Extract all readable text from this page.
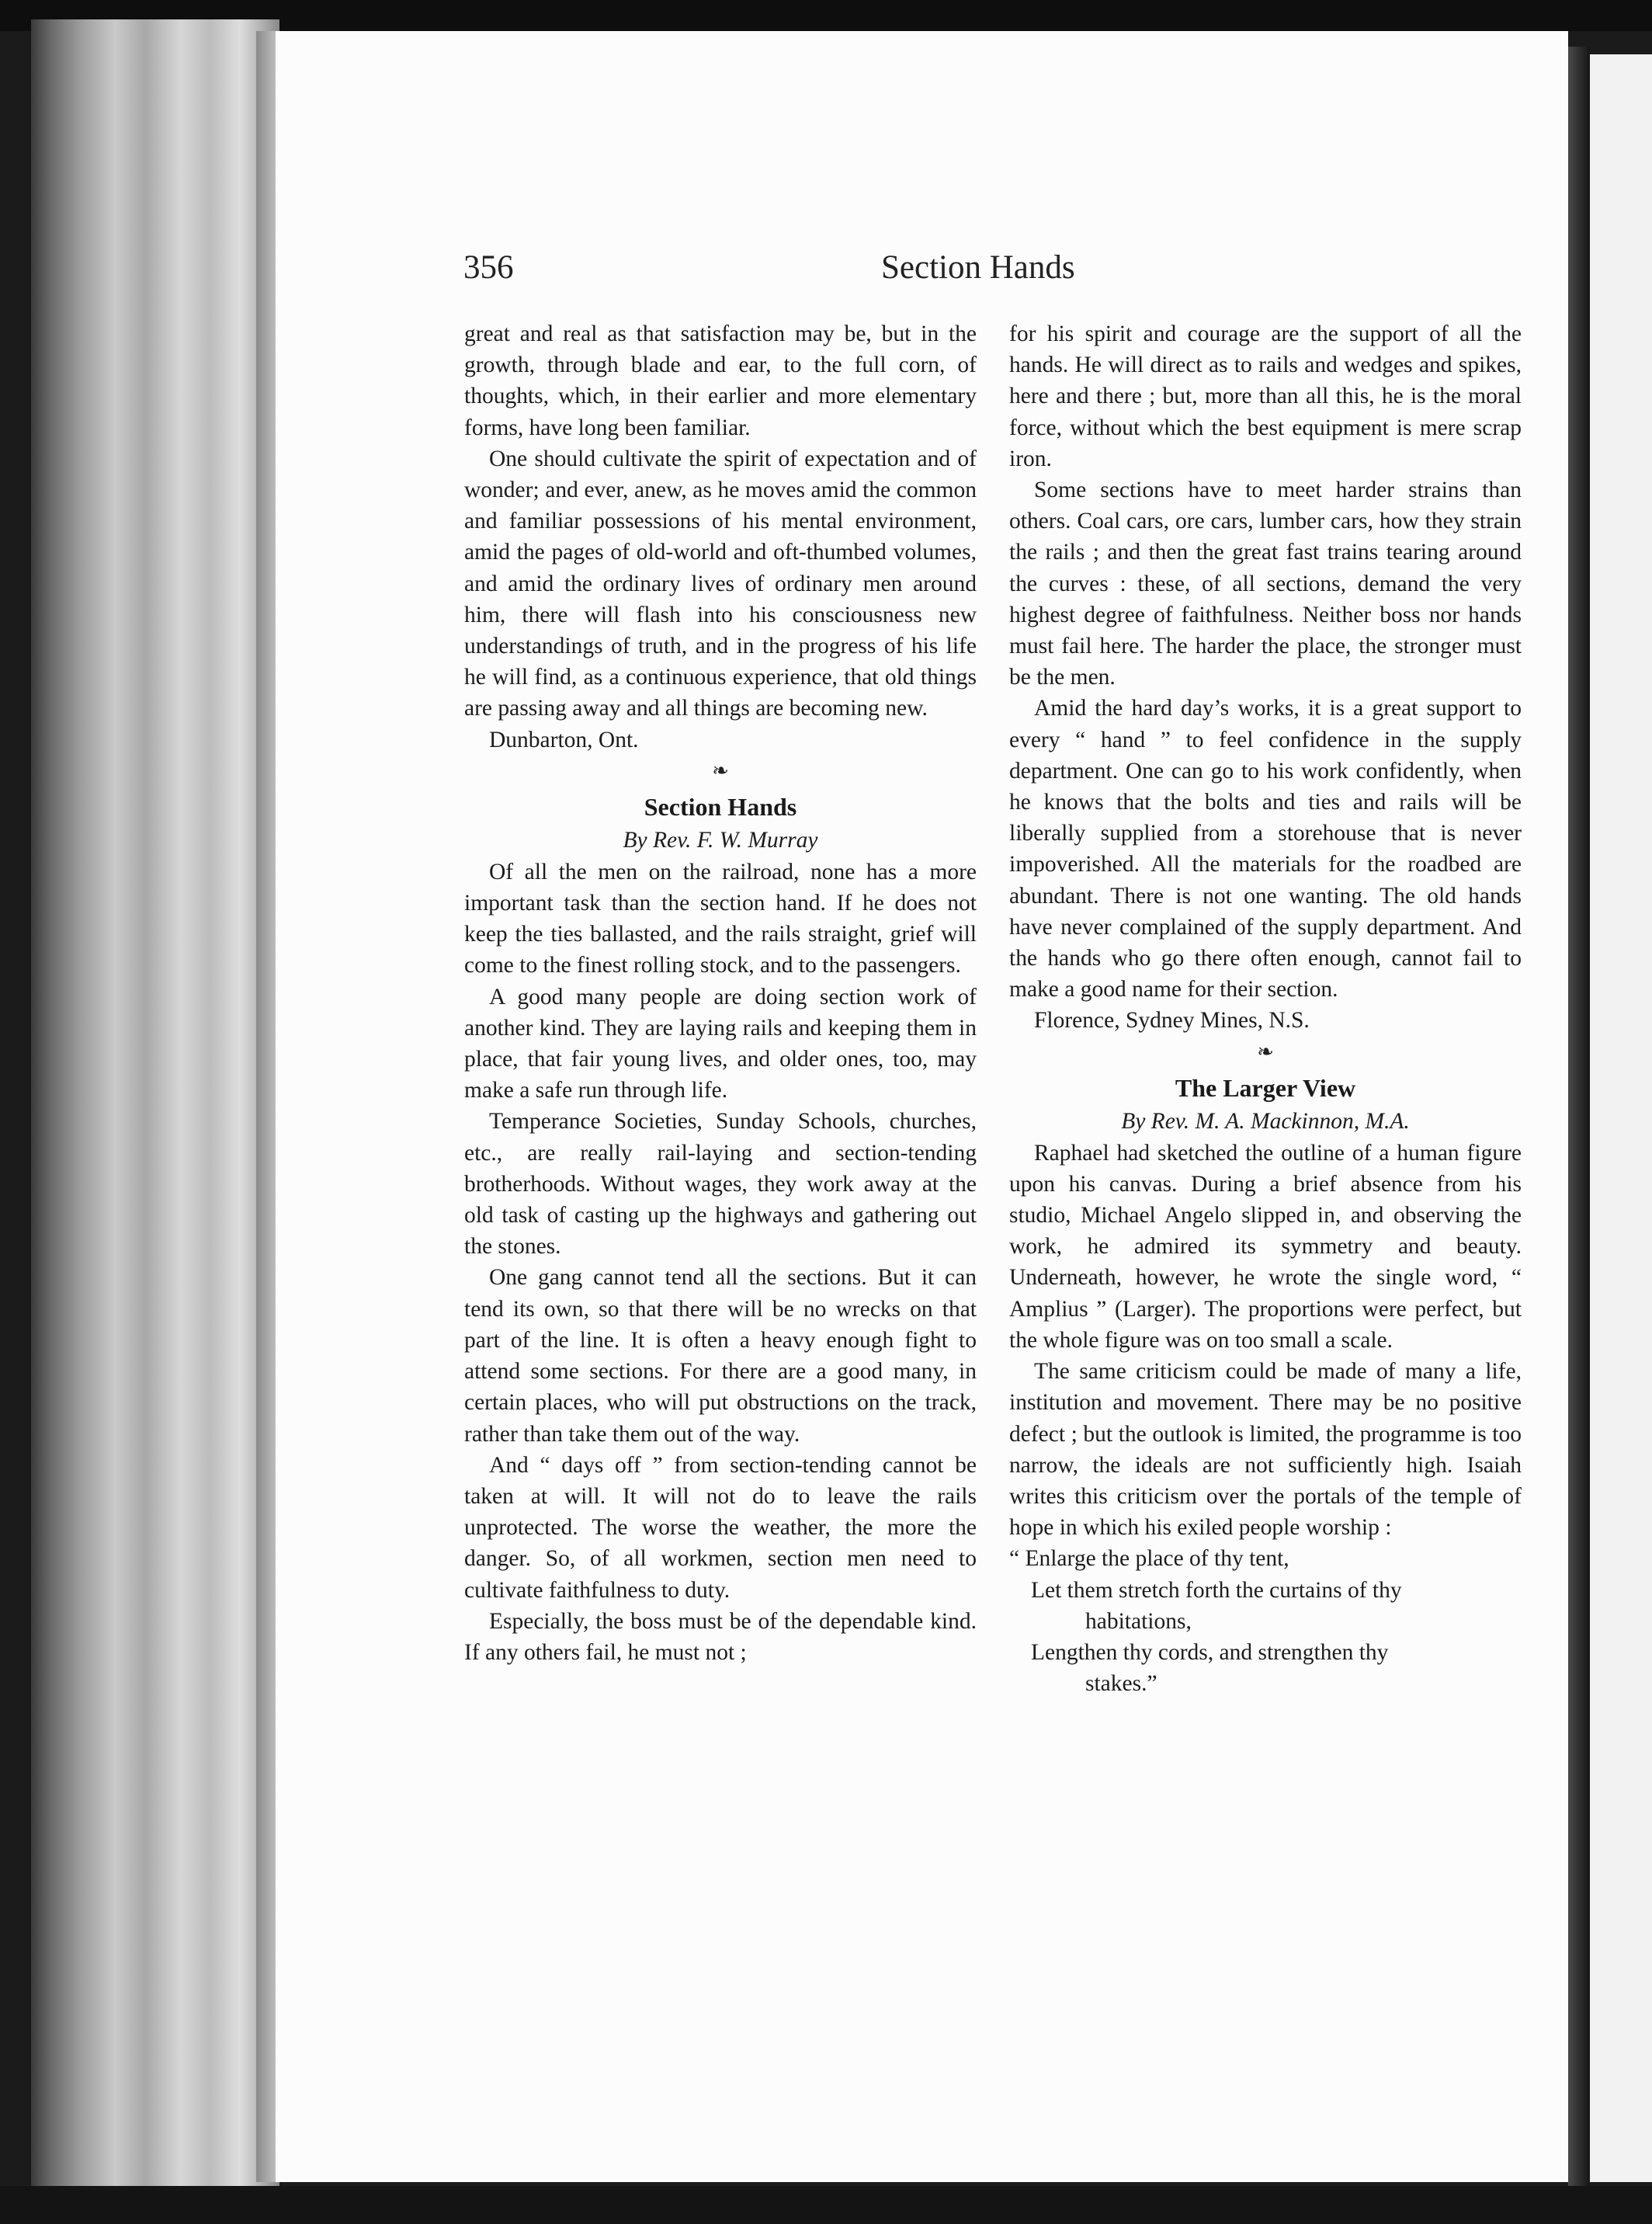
356	Section Hands

great and real as that satisfaction may be, but in the growth, through blade and ear, to the full corn, of thoughts, which, in their earlier and more elementary forms, have long been familiar.

One should cultivate the spirit of expectation and of wonder; and ever, anew, as he moves amid the common and familiar possessions of his mental environment, amid the pages of old-world and oft-thumbed volumes, and amid the ordinary lives of ordinary men around him, there will flash into his consciousness new understandings of truth, and in the progress of his life he will find, as a continuous experience, that old things are passing away and all things are becoming new.

Dunbarton, Ont.

❧
Section Hands
By Rev. F. W. Murray

Of all the men on the railroad, none has a more important task than the section hand. If he does not keep the ties ballasted, and the rails straight, grief will come to the finest rolling stock, and to the passengers.

A good many people are doing section work of another kind. They are laying rails and keeping them in place, that fair young lives, and older ones, too, may make a safe run through life.

Temperance Societies, Sunday Schools, churches, etc., are really rail-laying and section-tending brotherhoods. Without wages, they work away at the old task of casting up the highways and gathering out the stones.

One gang cannot tend all the sections. But it can tend its own, so that there will be no wrecks on that part of the line. It is often a heavy enough fight to attend some sections. For there are a good many, in certain places, who will put obstructions on the track, rather than take them out of the way.

And “ days off ” from section-tending cannot be taken at will. It will not do to leave the rails unprotected. The worse the weather, the more the danger. So, of all workmen, section men need to cultivate faithfulness to duty.

Especially, the boss must be of the dependable kind. If any others fail, he must not ;

for his spirit and courage are the support of all the hands. He will direct as to rails and wedges and spikes, here and there ; but, more than all this, he is the moral force, without which the best equipment is mere scrap iron.

Some sections have to meet harder strains than others. Coal cars, ore cars, lumber cars, how they strain the rails ; and then the great fast trains tearing around the curves : these, of all sections, demand the very highest degree of faithfulness. Neither boss nor hands must fail here. The harder the place, the stronger must be the men.

Amid the hard day’s works, it is a great support to every “ hand ” to feel confidence in the supply department. One can go to his work confidently, when he knows that the bolts and ties and rails will be liberally supplied from a storehouse that is never impoverished. All the materials for the roadbed are abundant. There is not one wanting. The old hands have never complained of the supply department. And the hands who go there often enough, cannot fail to make a good name for their section.

Florence, Sydney Mines, N.S.

❧
The Larger View
By Rev. M. A. Mackinnon, M.A.

Raphael had sketched the outline of a human figure upon his canvas. During a brief absence from his studio, Michael Angelo slipped in, and observing the work, he admired its symmetry and beauty. Underneath, however, he wrote the single word, “ Amplius ” (Larger). The proportions were perfect, but the whole figure was on too small a scale.

The same criticism could be made of many a life, institution and movement. There may be no positive defect ; but the outlook is limited, the programme is too narrow, the ideals are not sufficiently high. Isaiah writes this criticism over the portals of the temple of hope in which his exiled people worship :

“ Enlarge the place of thy tent,

Let them stretch forth the curtains of thy

habitations,

Lengthen thy cords, and strengthen thy

stakes.”
